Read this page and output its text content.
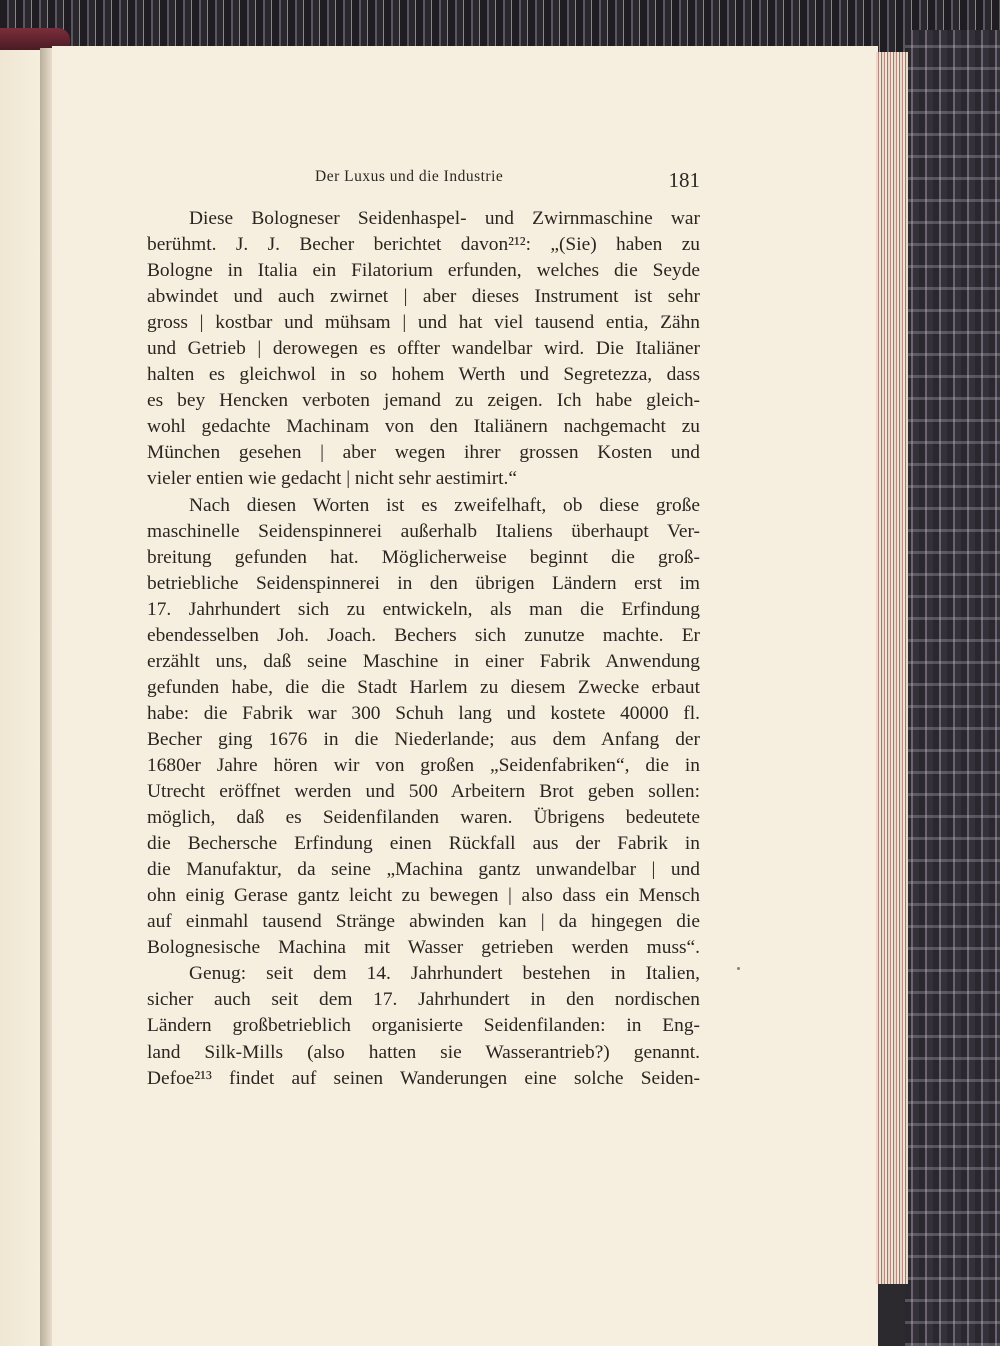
Der Luxus und die Industrie	181
Diese Bologneser Seidenhaspel- und Zwirnmaschine war
berühmt. J. J. Becher berichtet davon²¹²: „(Sie) haben zu
Bologne in Italia ein Filatorium erfunden, welches die Seyde
abwindet und auch zwirnet | aber dieses Instrument ist sehr
gross | kostbar und mühsam | und hat viel tausend entia, Zähn
und Getrieb | derowegen es offter wandelbar wird. Die Italiäner
halten es gleichwol in so hohem Werth und Segretezza, dass
es bey Hencken verboten jemand zu zeigen. Ich habe gleich-
wohl gedachte Machinam von den Italiänern nachgemacht zu
München gesehen | aber wegen ihrer grossen Kosten und
vieler entien wie gedacht | nicht sehr aestimirt.“
Nach diesen Worten ist es zweifelhaft, ob diese große
maschinelle Seidenspinnerei außerhalb Italiens überhaupt Ver-
breitung gefunden hat. Möglicherweise beginnt die groß-
betriebliche Seidenspinnerei in den übrigen Ländern erst im
17. Jahrhundert sich zu entwickeln, als man die Erfindung
ebendesselben Joh. Joach. Bechers sich zunutze machte. Er
erzählt uns, daß seine Maschine in einer Fabrik Anwendung
gefunden habe, die die Stadt Harlem zu diesem Zwecke erbaut
habe: die Fabrik war 300 Schuh lang und kostete 40000 fl.
Becher ging 1676 in die Niederlande; aus dem Anfang der
1680er Jahre hören wir von großen „Seidenfabriken“, die in
Utrecht eröffnet werden und 500 Arbeitern Brot geben sollen:
möglich, daß es Seidenfilanden waren. Übrigens bedeutete
die Bechersche Erfindung einen Rückfall aus der Fabrik in
die Manufaktur, da seine „Machina gantz unwandelbar | und
ohn einig Gerase gantz leicht zu bewegen | also dass ein Mensch
auf einmahl tausend Stränge abwinden kan | da hingegen die
Bolognesische Machina mit Wasser getrieben werden muss“.
Genug: seit dem 14. Jahrhundert bestehen in Italien,
sicher auch seit dem 17. Jahrhundert in den nordischen
Ländern großbetrieblich organisierte Seidenfilanden: in Eng-
land Silk-Mills (also hatten sie Wasserantrieb?) genannt.
Defoe²¹³ findet auf seinen Wanderungen eine solche Seiden-
